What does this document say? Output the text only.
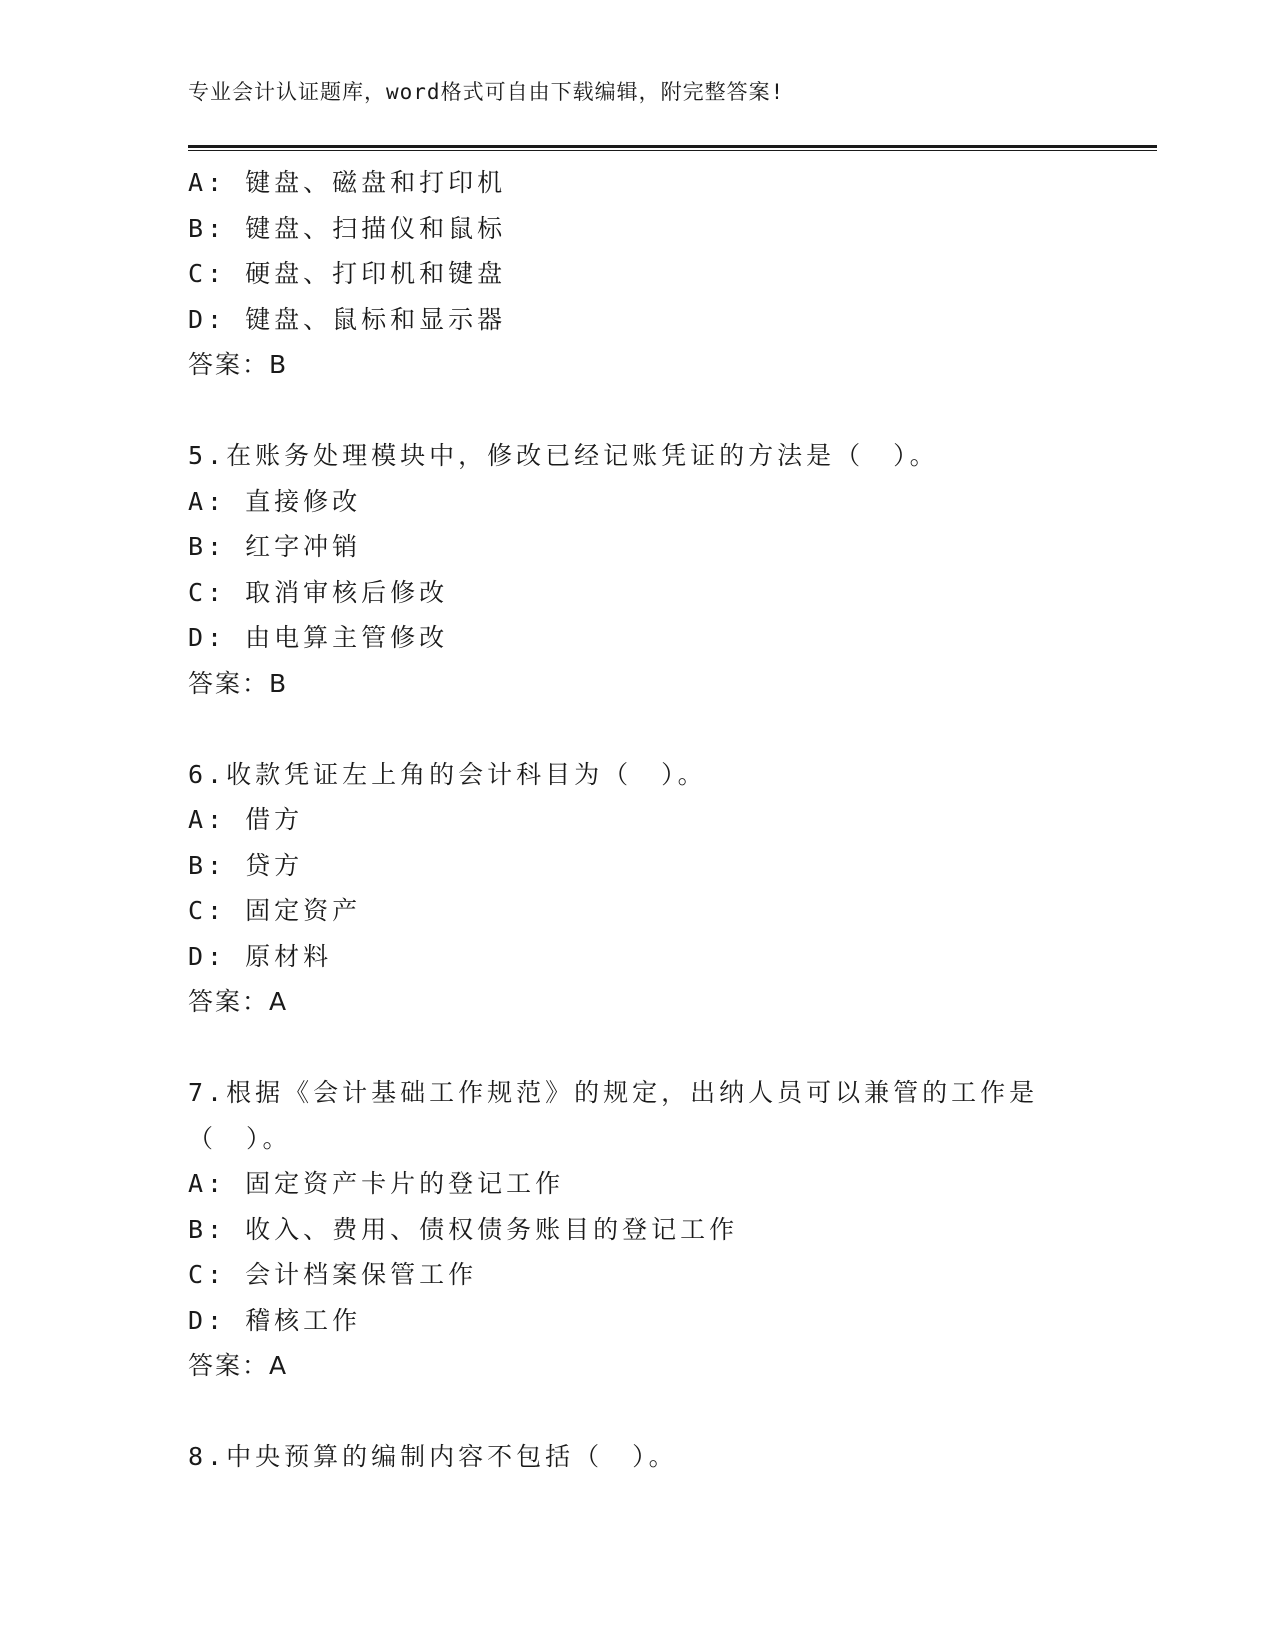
专业会计认证题库，word格式可自由下载编辑，附完整答案!
A: 键盘、磁盘和打印机
B: 键盘、扫描仪和鼠标
C: 硬盘、打印机和键盘
D: 键盘、鼠标和显示器
答案：B
5.在账务处理模块中，修改已经记账凭证的方法是（　）。
A: 直接修改
B: 红字冲销
C: 取消审核后修改
D: 由电算主管修改
答案：B
6.收款凭证左上角的会计科目为（　）。
A: 借方
B: 贷方
C: 固定资产
D: 原材料
答案：A
7.根据《会计基础工作规范》的规定，出纳人员可以兼管的工作是（　）。
A: 固定资产卡片的登记工作
B: 收入、费用、债权债务账目的登记工作
C: 会计档案保管工作
D: 稽核工作
答案：A
8.中央预算的编制内容不包括（　）。
